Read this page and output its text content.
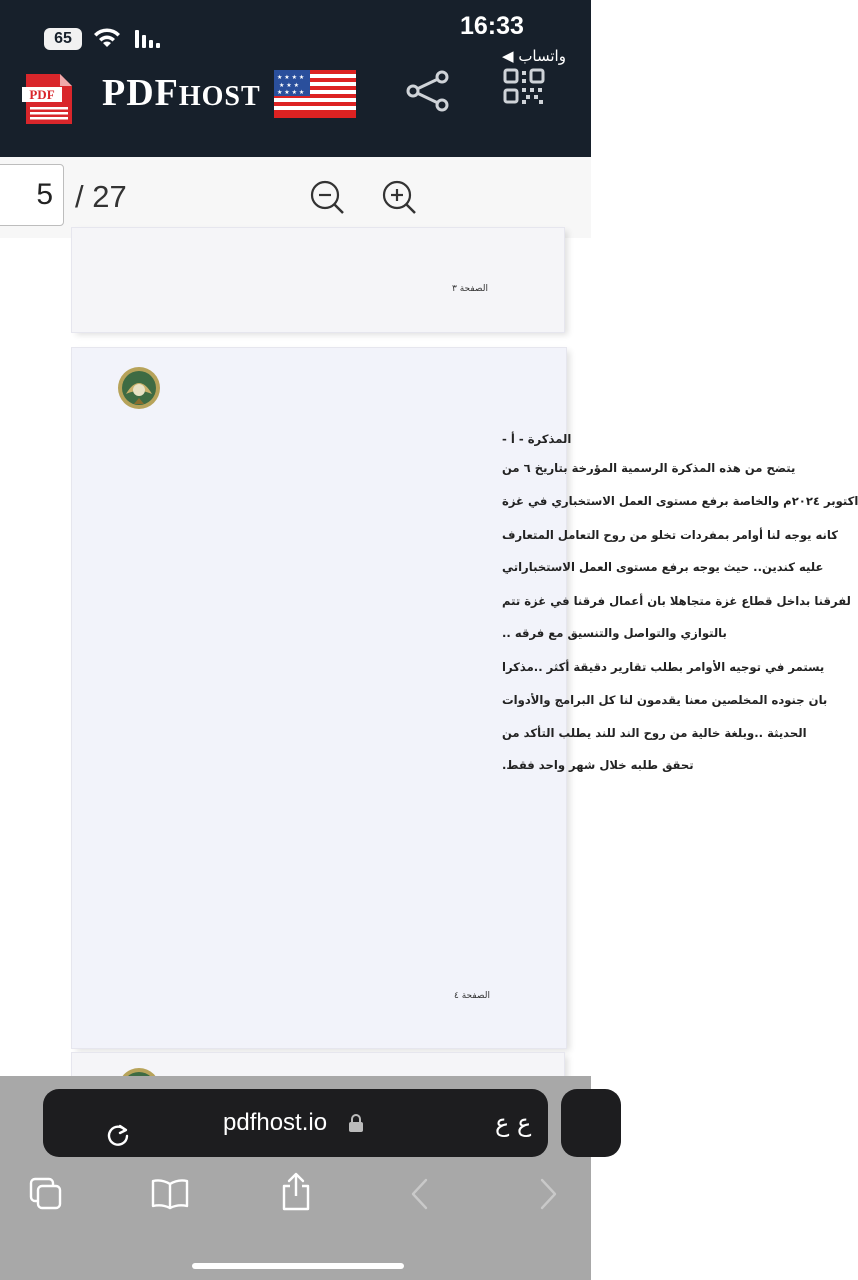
65	16:33
◀ واتساب
PDF PDFHOST
★ ★ ★ ★
★ ★ ★
★ ★ ★ ★
5 / 27
الصفحة ٣
المذكرة - أ -
يتضح من هذه المذكرة الرسمية المؤرخة بتاريخ ٦ من
اكتوبر ٢٠٢٤م والخاصة برفع مستوى العمل الاستخباري في غزة
كانه يوجه لنا أوامر بمفردات تخلو من روح التعامل المتعارف
عليه كندين.. حيث يوجه برفع مستوى العمل الاستخباراتي
لفرقنا بداخل قطاع غزة متجاهلا بان أعمال فرقنا في غزة تتم
بالتوازي والتواصل والتنسيق مع فرقه ..
يستمر في توجيه الأوامر بطلب تقارير دقيقة أكثر ..مذكرا
بان جنوده المخلصين معنا يقدمون لنا كل البرامج والأدوات
الحديثة ..وبلغة خالية من روح الند للند يطلب التأكد من
تحقق طلبه خلال شهر واحد فقط.
الصفحة ٤
pdfhost.io	ع ع
